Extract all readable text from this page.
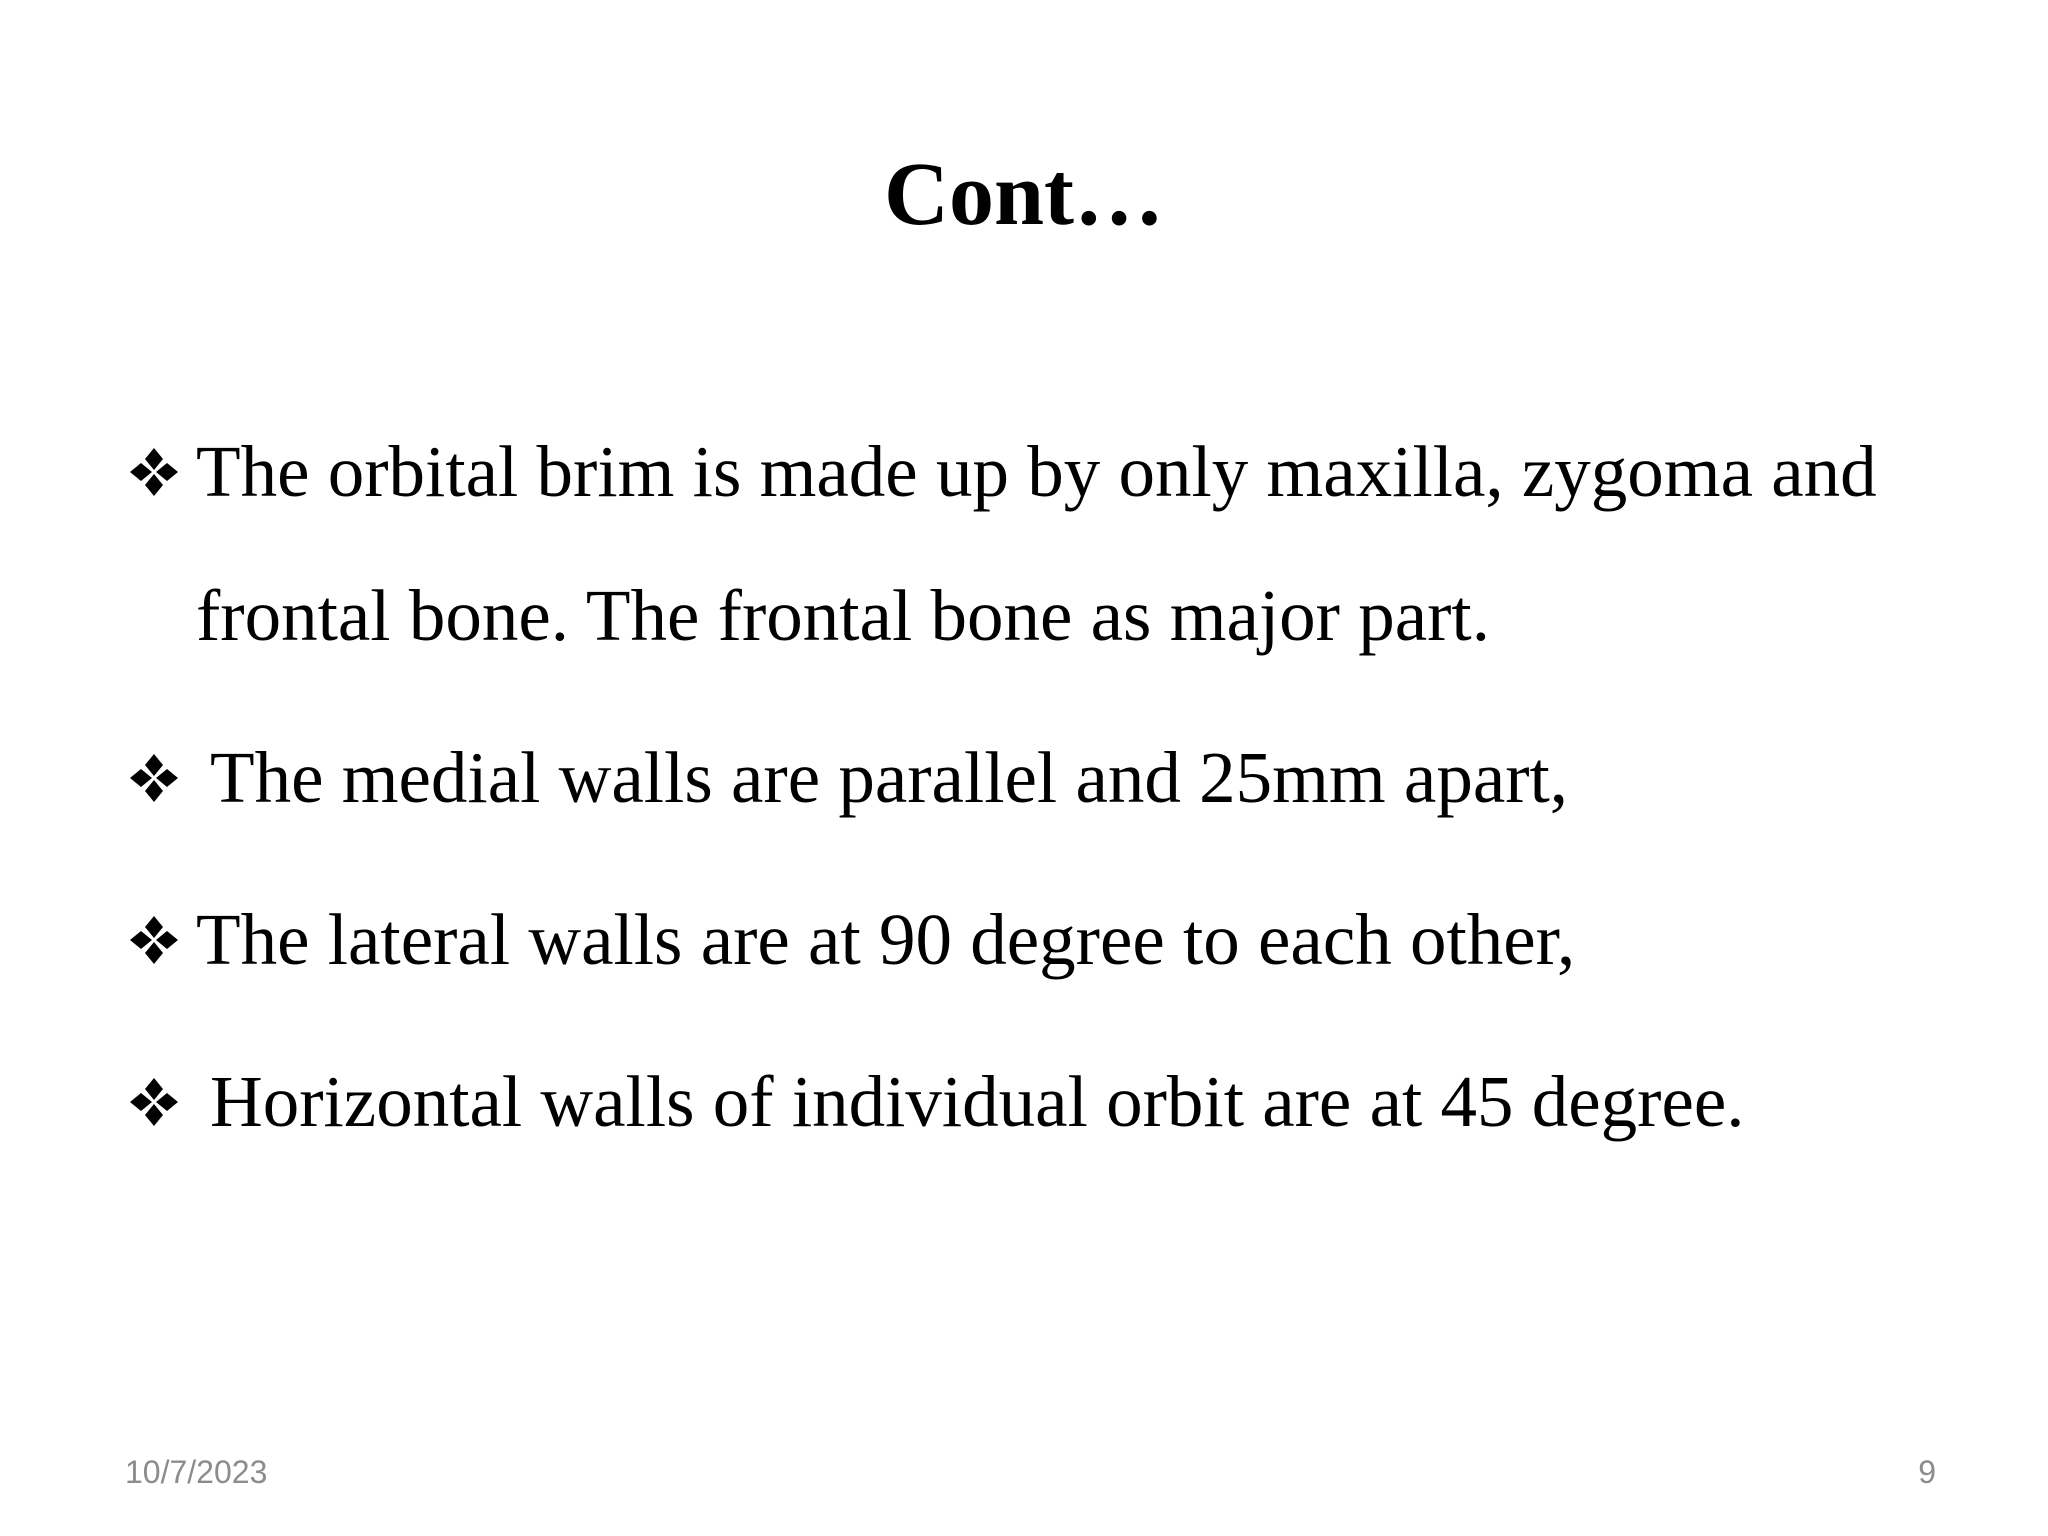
Cont…
The orbital brim is made up by only maxilla, zygoma and frontal bone. The frontal bone as major part.
The medial walls are parallel and 25mm apart,
The lateral walls are at 90 degree to each other,
Horizontal walls of individual orbit are at 45 degree.
10/7/2023	9
